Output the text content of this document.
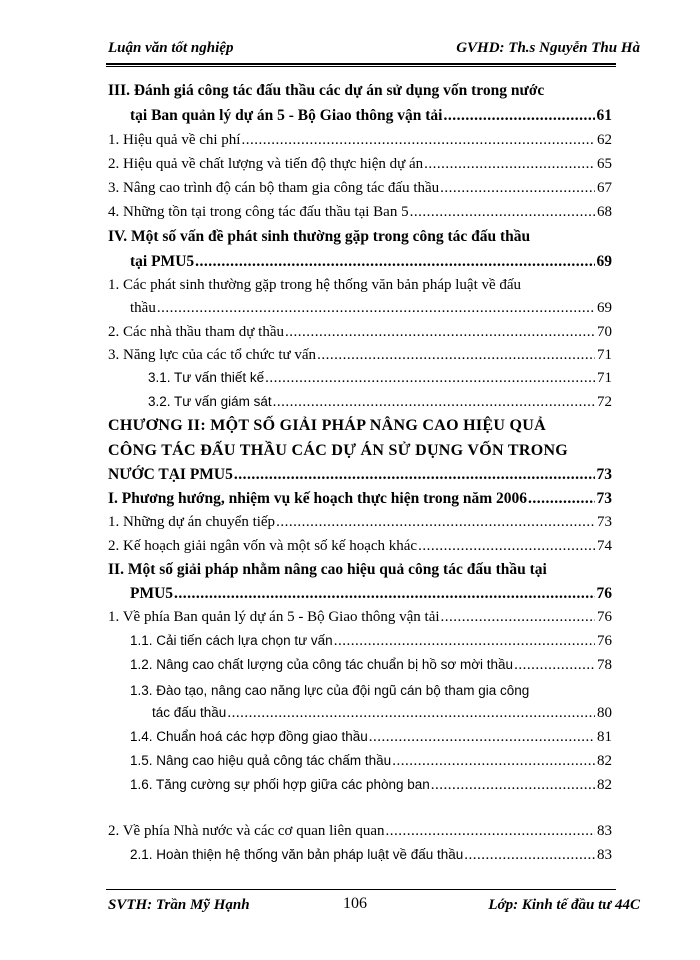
Luận văn tốt nghiệp	GVHD: Th.s Nguyễn Thu Hà
III. Đánh giá công tác đấu thầu các dự án sử dụng vốn trong nước
tại Ban quản lý dự án 5 - Bộ Giao thông vận tải .....	61
1. Hiệu quả về chi phí .....	62
2. Hiệu quả về chất lượng và tiến độ thực hiện dự án .....	65
3. Nâng cao trình độ cán bộ tham gia công tác đấu thầu .....	67
4. Những tồn tại trong công tác đấu thầu tại Ban 5 .....	68
IV. Một số vấn đề phát sinh thường gặp trong công tác đấu thầu
tại PMU5 .....	69
1. Các phát sinh thường gặp trong hệ thống văn bản pháp luật về đấu
thầu .....	69
2. Các nhà thầu tham dự thầu .....	70
3. Năng lực của các tổ chức tư vấn .....	71
3.1. Tư vấn thiết kế .....	71
3.2. Tư vấn giám sát .....	72
CHƯƠNG II: MỘT SỐ GIẢI PHÁP NÂNG CAO HIỆU QUẢ
CÔNG TÁC ĐẤU THẦU CÁC DỰ ÁN SỬ DỤNG VỐN TRONG
NƯỚC TẠI PMU5 .....	73
I. Phương hướng, nhiệm vụ kế hoạch thực hiện trong năm 2006 .....	73
1. Những dự án chuyển tiếp .....	73
2. Kế hoạch giải ngân vốn và một số kế hoạch khác .....	74
II. Một số giải pháp nhằm nâng cao hiệu quả công tác đấu thầu tại
PMU5 .....	76
1. Về phía Ban quản lý dự án 5 - Bộ Giao thông vận tải .....	76
1.1. Cải tiến cách lựa chọn tư vấn .....	76
1.2. Nâng cao chất lượng của công tác chuẩn bị hồ sơ mời thầu .....	78
1.3. Đào tạo, nâng cao năng lực của đội ngũ cán bộ tham gia công
tác đấu thầu .....	80
1.4. Chuẩn hoá các hợp đồng giao thầu .....	81
1.5. Nâng cao hiệu quả công tác chấm thầu .....	82
1.6. Tăng cường sự phối hợp giữa các phòng ban .....	82
2. Về phía Nhà nước và các cơ quan liên quan .....	83
2.1. Hoàn thiện hệ thống văn bản pháp luật về đấu thầu .....	83
SVTH: Trần Mỹ Hạnh	106	Lớp: Kinh tế đầu tư 44C
